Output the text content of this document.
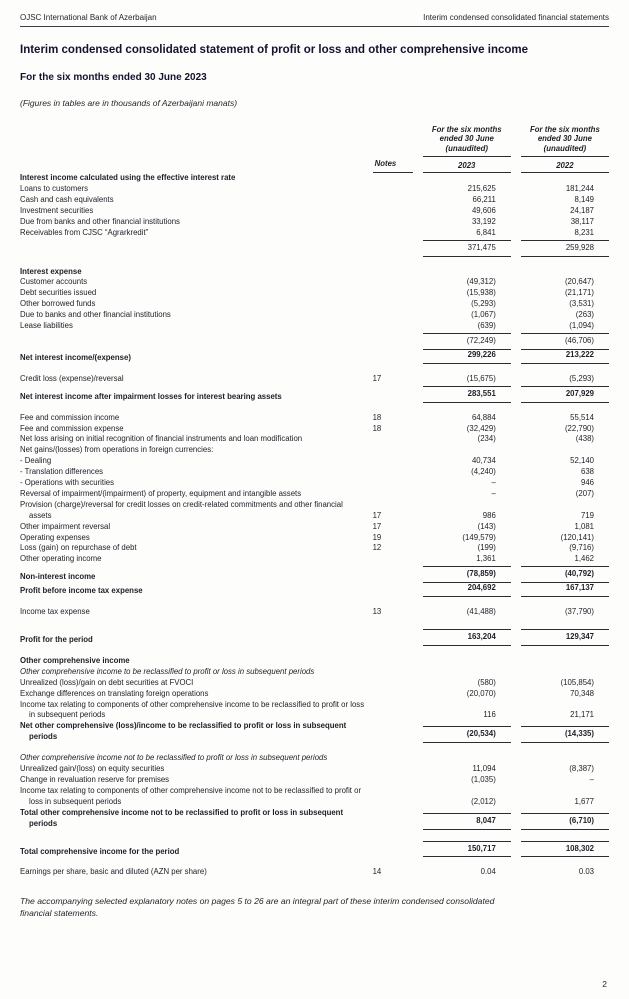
OJSC International Bank of Azerbaijan	Interim condensed consolidated financial statements
Interim condensed consolidated statement of profit or loss and other comprehensive income
For the six months ended 30 June 2023

(Figures in tables are in thousands of Azerbaijani manats)

		For the six months
ended 30 June
(unaudited)	For the six months
ended 30 June
(unaudited)

	Notes	2023	2022

Interest income calculated using the effective interest rate			

Loans to customers		215,625	181,244

Cash and cash equivalents		66,211	8,149

Investment securities		49,606	24,187

Due from banks and other financial institutions		33,192	38,117

Receivables from CJSC “Agrarkredit”		6,841	8,231

		371,475	259,928

Interest expense			

Customer accounts		(49,312)	(20,647)

Debt securities issued		(15,938)	(21,171)

Other borrowed funds		(5,293)	(3,531)

Due to banks and other financial institutions		(1,067)	(263)

Lease liabilities		(639)	(1,094)

		(72,249)	(46,706)

Net interest income/(expense)		299,226	213,222

Credit loss (expense)/reversal	17	(15,675)	(5,293)

Net interest income after impairment losses for interest bearing assets		283,551	207,929

Fee and commission income	18	64,884	55,514

Fee and commission expense	18	(32,429)	(22,790)

Net loss arising on initial recognition of financial instruments and loan modification		(234)	(438)

Net gains/(losses) from operations in foreign currencies:			

- Dealing		40,734	52,140

- Translation differences		(4,240)	638

- Operations with securities		–	946

Reversal of impairment/(impairment) of property, equipment and intangible assets		–	(207)

Provision (charge)/reversal for credit losses on credit-related commitments and other financial assets	17	986	719

Other impairment reversal	17	(143)	1,081

Operating expenses	19	(149,579)	(120,141)

Loss (gain) on repurchase of debt	12	(199)	(9,716)

Other operating income		1,361	1,462

Non-interest income		(78,859)	(40,792)

Profit before income tax expense		204,692	167,137

Income tax expense	13	(41,488)	(37,790)

Profit for the period		163,204	129,347

Other comprehensive income			

Other comprehensive income to be reclassified to profit or loss in subsequent periods			

Unrealized (loss)/gain on debt securities at FVOCI		(580)	(105,854)

Exchange differences on translating foreign operations		(20,070)	70,348

Income tax relating to components of other comprehensive income to be reclassified to profit or loss in subsequent periods		116	21,171

Net other comprehensive (loss)/income to be reclassified to profit or loss in subsequent periods		(20,534)	(14,335)

Other comprehensive income not to be reclassified to profit or loss in subsequent periods			

Unrealized gain/(loss) on equity securities		11,094	(8,387)

Change in revaluation reserve for premises		(1,035)	–

Income tax relating to components of other comprehensive income not to be reclassified to profit or loss in subsequent periods		(2,012)	1,677

Total other comprehensive income not to be reclassified to profit or loss in subsequent periods		8,047	(6,710)

Total comprehensive income for the period		150,717	108,302

Earnings per share, basic and diluted (AZN per share)	14	0.04	0.03

The accompanying selected explanatory notes on pages 5 to 26 are an integral part of these interim condensed consolidated financial statements.

2
